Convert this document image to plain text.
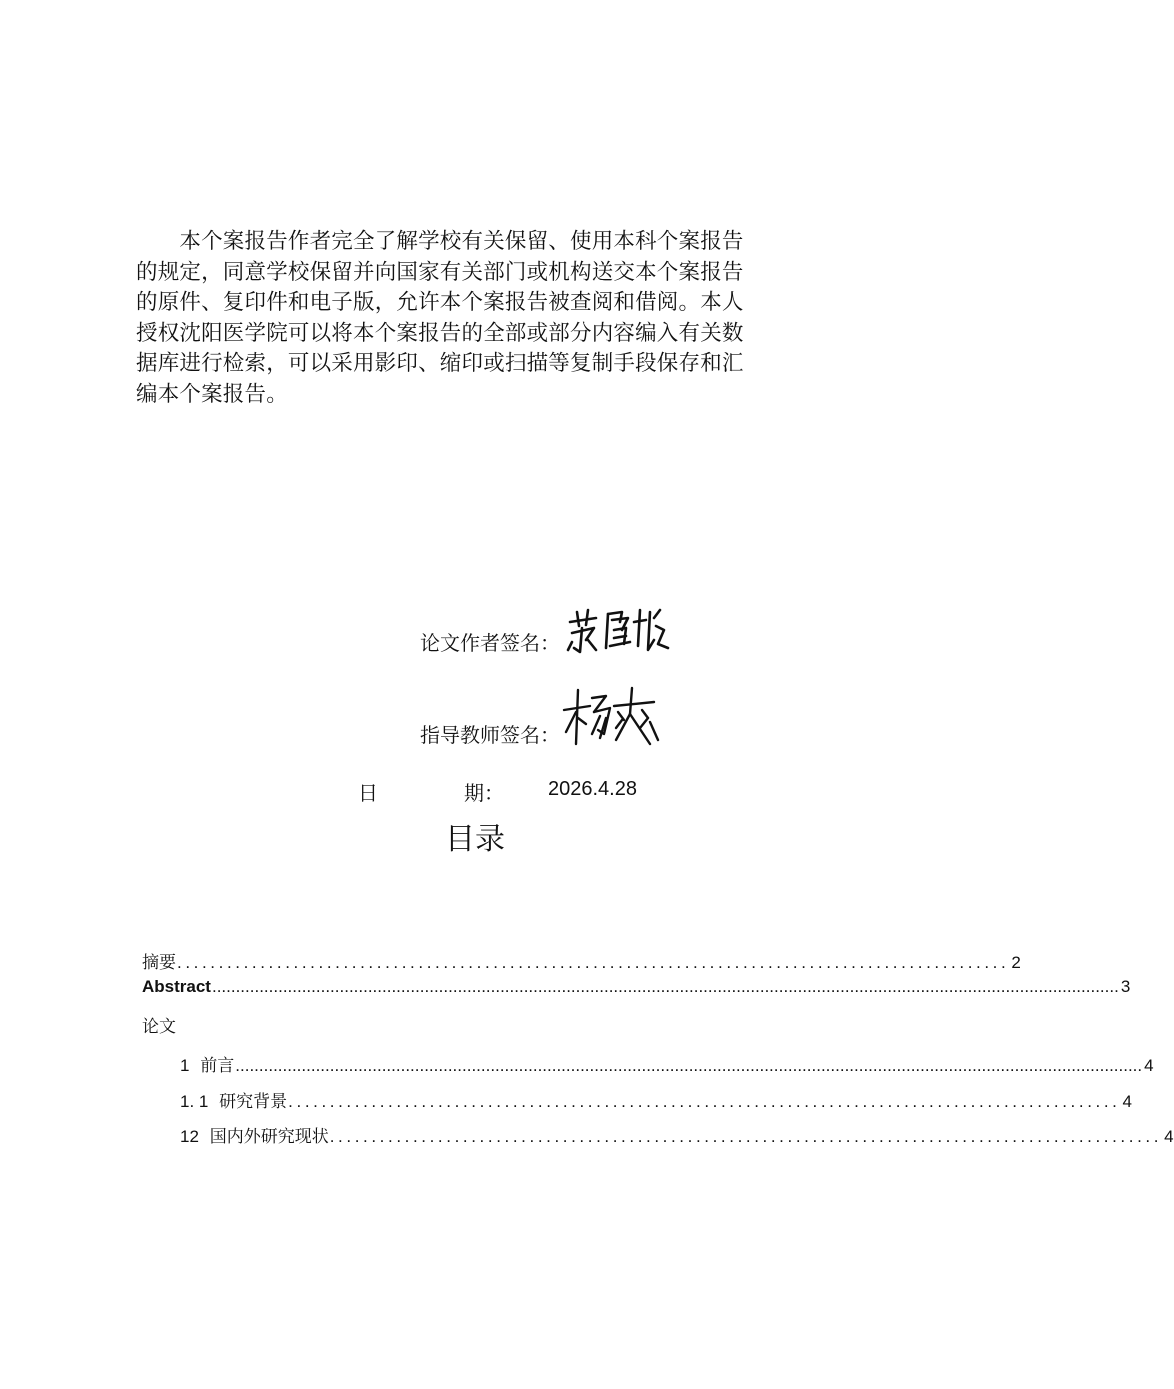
　　本个案报告作者完全了解学校有关保留、使用本科个案报告
的规定，同意学校保留并向国家有关部门或机构送交本个案报告
的原件、复印件和电子版，允许本个案报告被查阅和借阅。本人
授权沈阳医学院可以将本个案报告的全部或部分内容编入有关数
据库进行检索，可以采用影印、缩印或扫描等复制手段保存和汇
编本个案报告。

论文作者签名：
指导教师签名：
日	期： 2026.4.28
目录
摘要 .................................................................................................... 2
Abstract ................................................................................................................................................................................................ 3
论文
1 前言 ................................................................................................................................................................................................ 4
1. 1 研究背景 .................................................................................................... 4
12 国内外研究现状 .................................................................................................... 4
